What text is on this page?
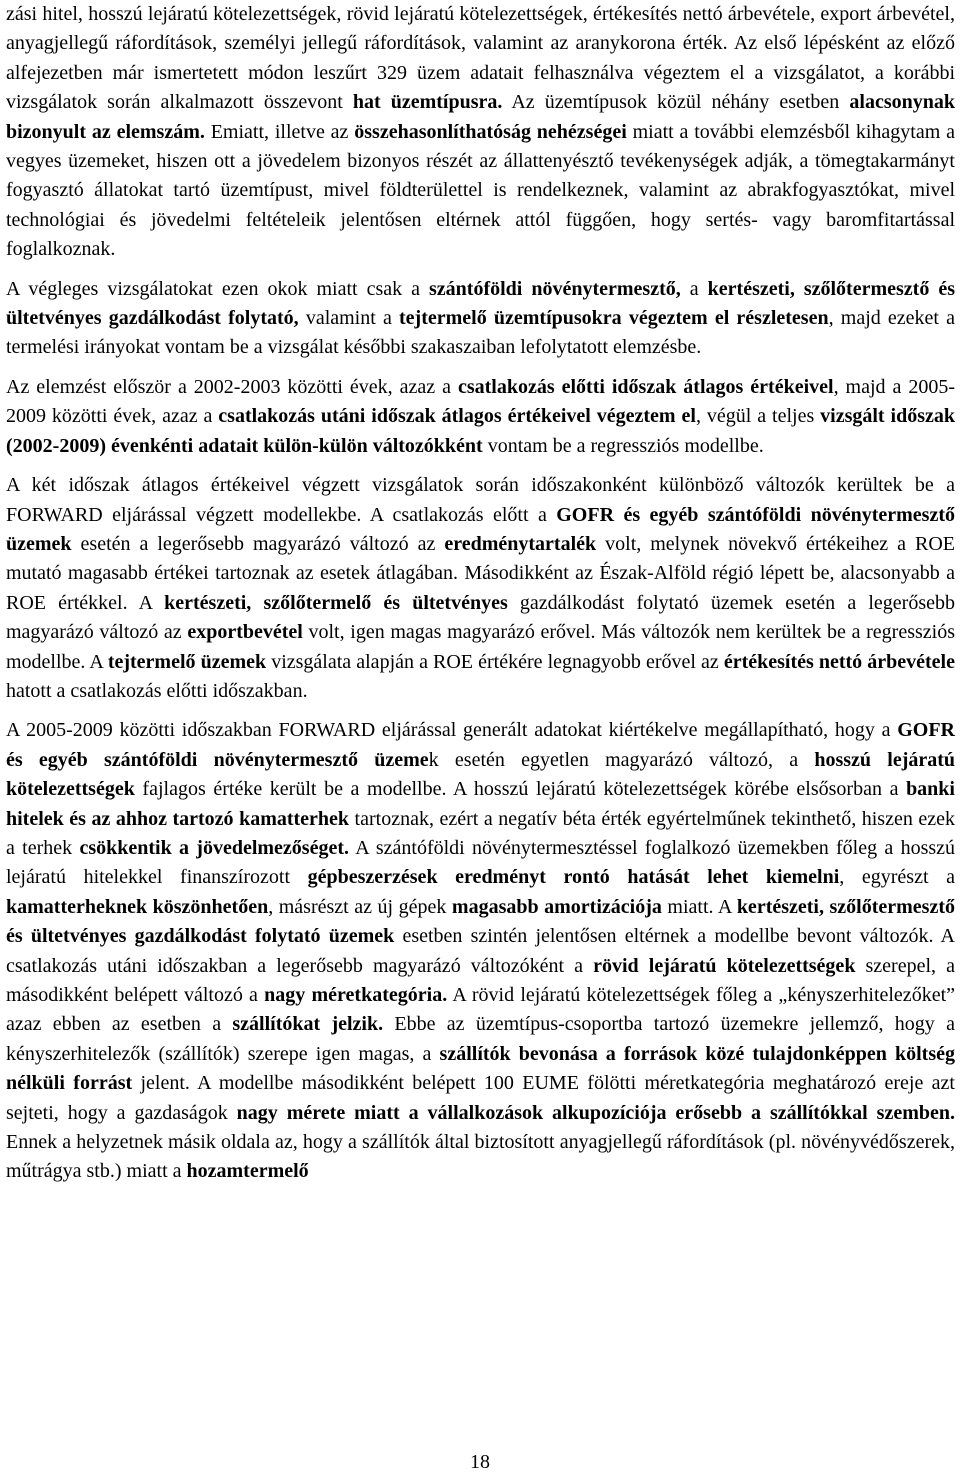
zási hitel, hosszú lejáratú kötelezettségek, rövid lejáratú kötelezettségek, értékesítés nettó árbevétele, export árbevétel, anyagjellegű ráfordítások, személyi jellegű ráfordítások, valamint az aranykorona érték. Az első lépésként az előző alfejezetben már ismertetett módon leszűrt 329 üzem adatait felhasználva végeztem el a vizsgálatot, a korábbi vizsgálatok során alkalmazott összevont hat üzemtípusra. Az üzemtípusok közül néhány esetben alacsonynak bizonyult az elemszám. Emiatt, illetve az összehasonlíthatóság nehézségei miatt a további elemzésből kihagytam a vegyes üzemeket, hiszen ott a jövedelem bizonyos részét az állattenyésztő tevékenységek adják, a tömegtakarmányt fogyasztó állatokat tartó üzemtípust, mivel földterülettel is rendelkeznek, valamint az abrakfogyasztókat, mivel technológiai és jövedelmi feltételeik jelentősen eltérnek attól függően, hogy sertés- vagy baromfitartással foglalkoznak.

A végleges vizsgálatokat ezen okok miatt csak a szántóföldi növénytermesztő, a kertészeti, szőlőtermesztő és ültetvényes gazdálkodást folytató, valamint a tejtermelő üzemtípusokra végeztem el részletesen, majd ezeket a termelési irányokat vontam be a vizsgálat későbbi szakaszaiban lefolytatott elemzésbe.

Az elemzést először a 2002-2003 közötti évek, azaz a csatlakozás előtti időszak átlagos értékeivel, majd a 2005-2009 közötti évek, azaz a csatlakozás utáni időszak átlagos értékeivel végeztem el, végül a teljes vizsgált időszak (2002-2009) évenkénti adatait külön-külön változókként vontam be a regressziós modellbe.

A két időszak átlagos értékeivel végzett vizsgálatok során időszakonként különböző változók kerültek be a FORWARD eljárással végzett modellekbe. A csatlakozás előtt a GOFR és egyéb szántóföldi növénytermesztő üzemek esetén a legerősebb magyarázó változó az eredménytartalék volt, melynek növekvő értékeihez a ROE mutató magasabb értékei tartoznak az esetek átlagában. Másodikként az Észak-Alföld régió lépett be, alacsonyabb a ROE értékkel. A kertészeti, szőlőtermelő és ültetvényes gazdálkodást folytató üzemek esetén a legerősebb magyarázó változó az exportbevétel volt, igen magas magyarázó erővel. Más változók nem kerültek be a regressziós modellbe. A tejtermelő üzemek vizsgálata alapján a ROE értékére legnagyobb erővel az értékesítés nettó árbevétele hatott a csatlakozás előtti időszakban.

A 2005-2009 közötti időszakban FORWARD eljárással generált adatokat kiértékelve megállapítható, hogy a GOFR és egyéb szántóföldi növénytermesztő üzemek esetén egyetlen magyarázó változó, a hosszú lejáratú kötelezettségek fajlagos értéke került be a modellbe. A hosszú lejáratú kötelezettségek körébe elsősorban a banki hitelek és az ahhoz tartozó kamatterhek tartoznak, ezért a negatív béta érték egyértelműnek tekinthető, hiszen ezek a terhek csökkentik a jövedelmezőséget. A szántóföldi növénytermesztéssel foglalkozó üzemekben főleg a hosszú lejáratú hitelekkel finanszírozott gépbeszerzések eredményt rontó hatását lehet kiemelni, egyrészt a kamatterheknek köszönhetően, másrészt az új gépek magasabb amortizációja miatt. A kertészeti, szőlőtermesztő és ültetvényes gazdálkodást folytató üzemek esetben szintén jelentősen eltérnek a modellbe bevont változók. A csatlakozás utáni időszakban a legerősebb magyarázó változóként a rövid lejáratú kötelezettségek szerepel, a másodikként belépett változó a nagy méretkategória. A rövid lejáratú kötelezettségek főleg a „kényszerhitelezőket” azaz ebben az esetben a szállítókat jelzik. Ebbe az üzemtípus-csoportba tartozó üzemekre jellemző, hogy a kényszerhitelezők (szállítók) szerepe igen magas, a szállítók bevonása a források közé tulajdonképpen költség nélküli forrást jelent. A modellbe másodikként belépett 100 EUME fölötti méretkategória meghatározó ereje azt sejteti, hogy a gazdaságok nagy mérete miatt a vállalkozások alkupozíciója erősebb a szállítókkal szemben. Ennek a helyzetnek másik oldala az, hogy a szállítók által biztosított anyagjellegű ráfordítások (pl. növényvédőszerek, műtrágya stb.) miatt a hozamtermelő

18
